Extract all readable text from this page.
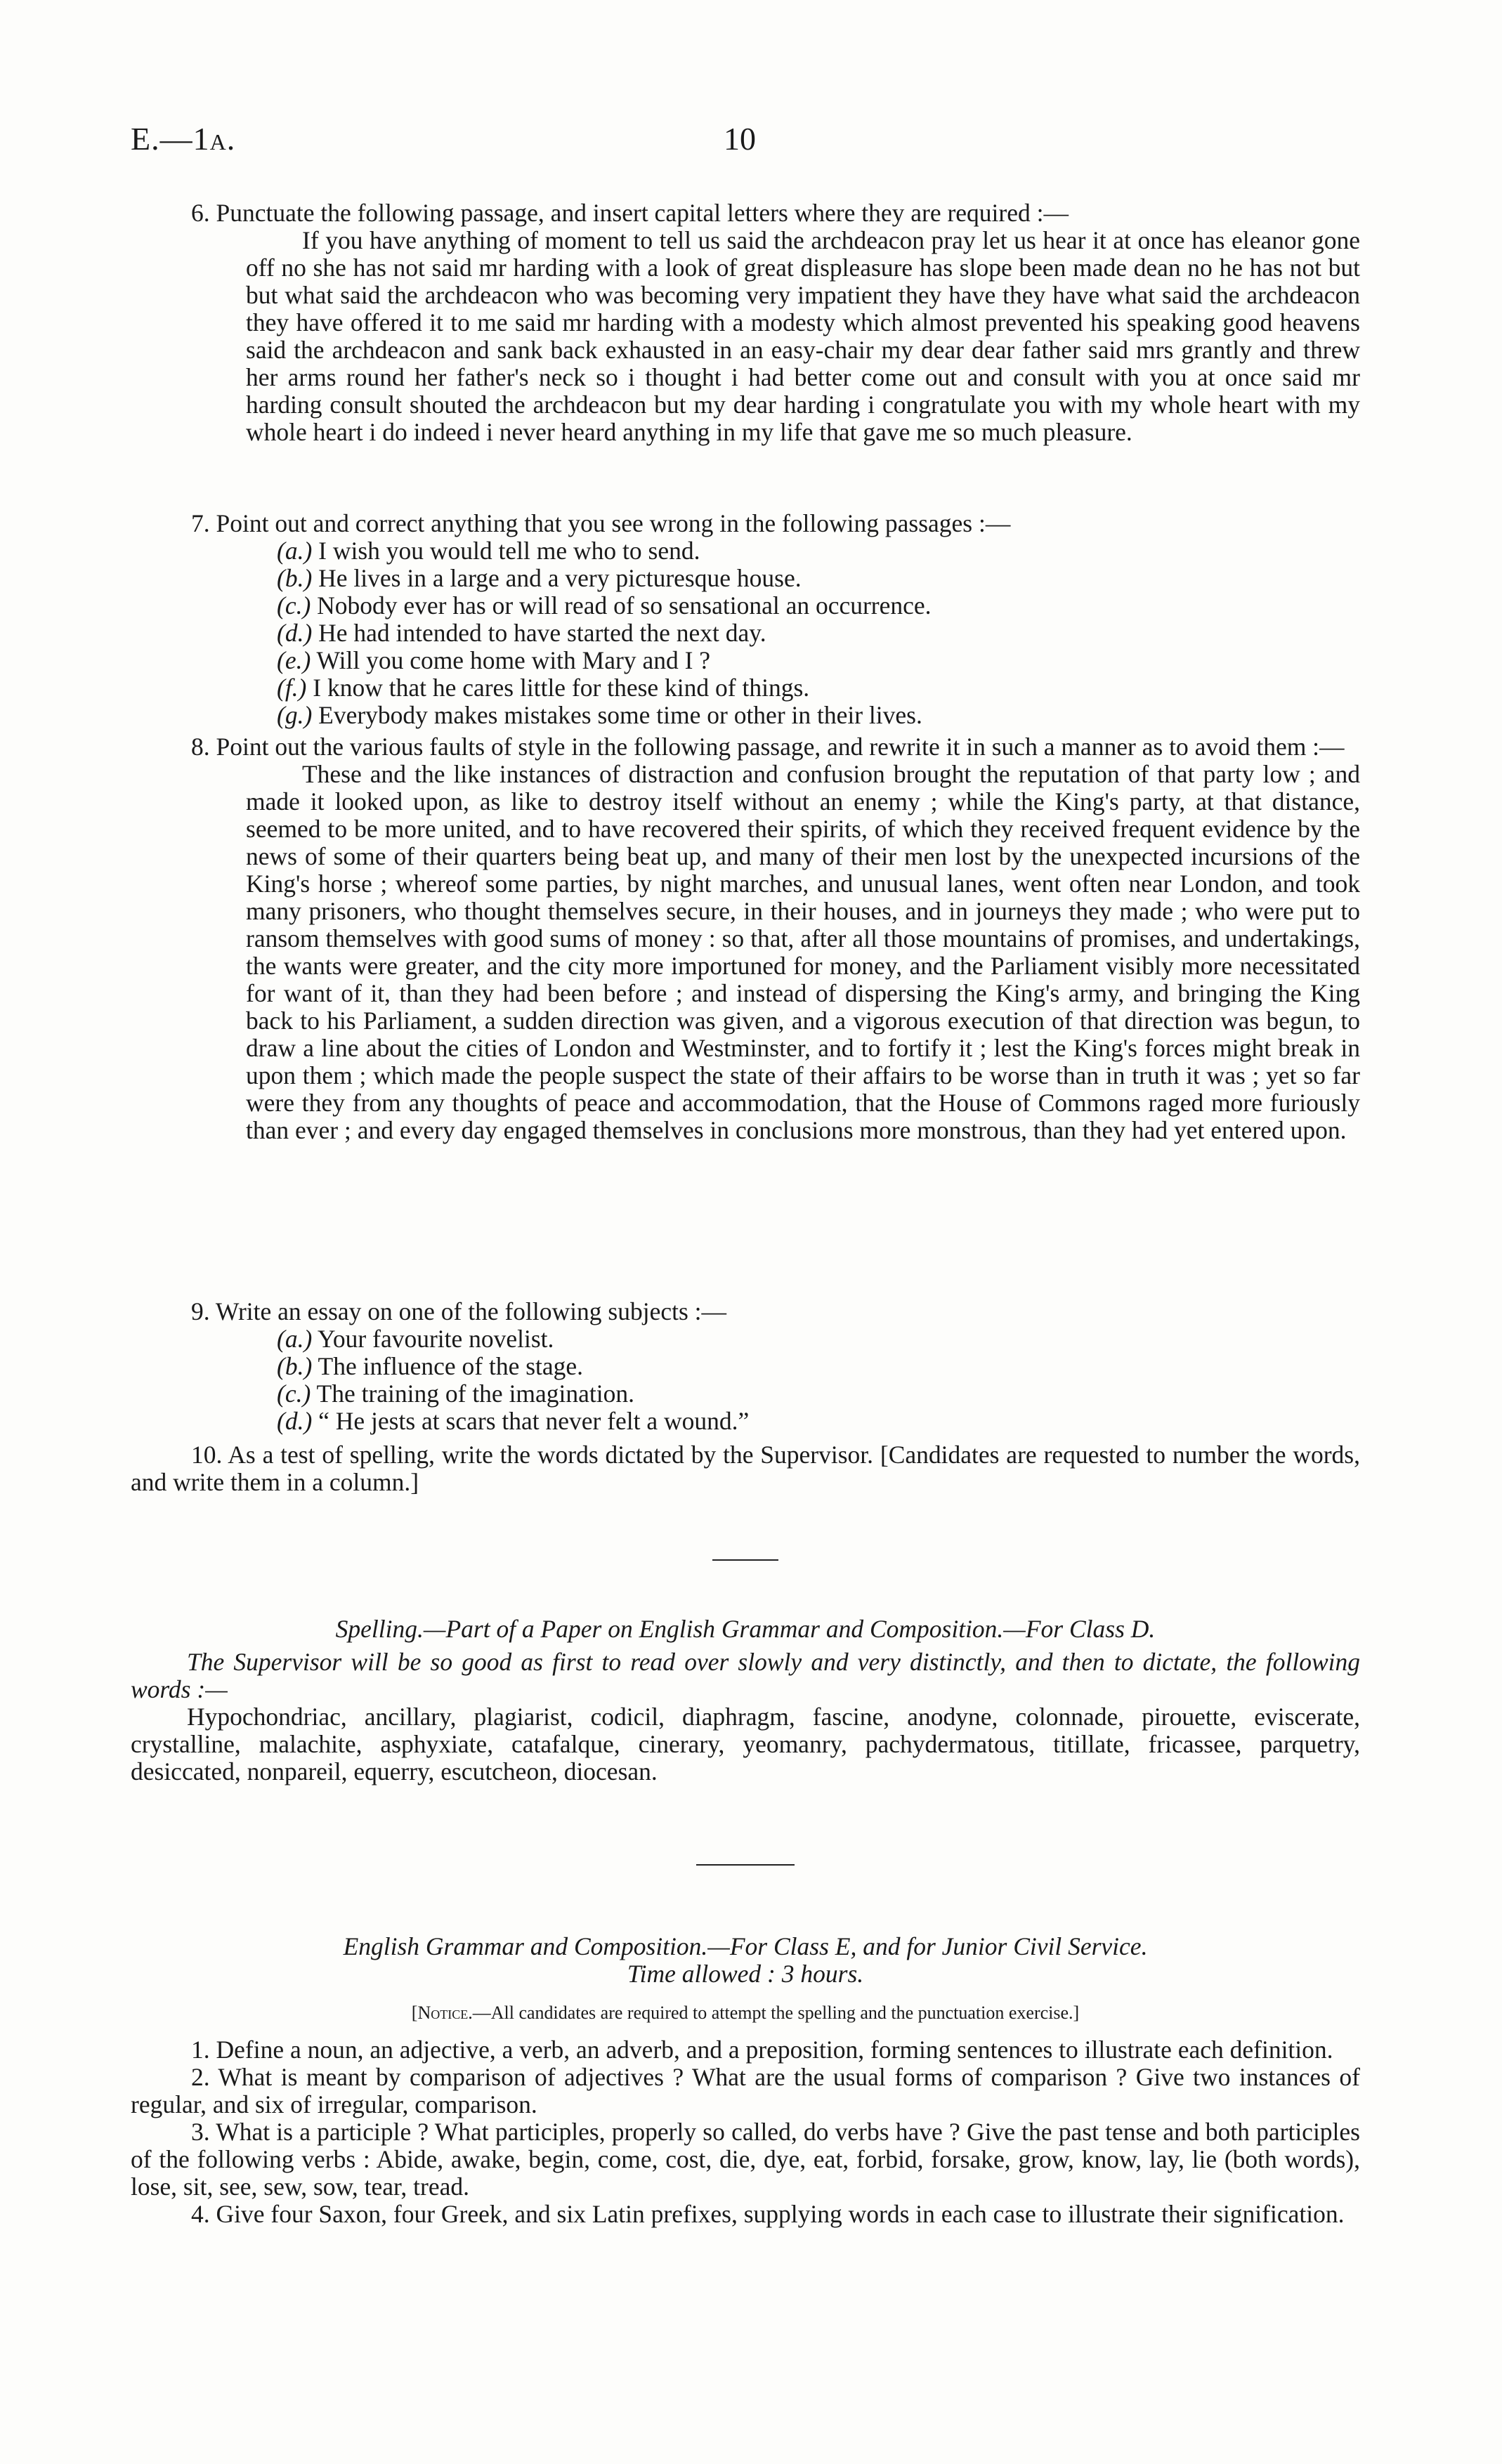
E.—1a.	10

6. Punctuate the following passage, and insert capital letters where they are required :—

If you have anything of moment to tell us said the archdeacon pray let us hear it at once has eleanor gone off no she has not said mr harding with a look of great displeasure has slope been made dean no he has not but but what said the archdeacon who was becoming very impatient they have they have what said the archdeacon they have offered it to me said mr harding with a modesty which almost prevented his speaking good heavens said the archdeacon and sank back exhausted in an easy-chair my dear dear father said mrs grantly and threw her arms round her father's neck so i thought i had better come out and consult with you at once said mr harding consult shouted the archdeacon but my dear harding i congratulate you with my whole heart with my whole heart i do indeed i never heard anything in my life that gave me so much pleasure.

7. Point out and correct anything that you see wrong in the following passages :—

(a.) I wish you would tell me who to send.

(b.) He lives in a large and a very picturesque house.

(c.) Nobody ever has or will read of so sensational an occurrence.

(d.) He had intended to have started the next day.

(e.) Will you come home with Mary and I ?

(f.) I know that he cares little for these kind of things.

(g.) Everybody makes mistakes some time or other in their lives.

8. Point out the various faults of style in the following passage, and rewrite it in such a manner as to avoid them :—

These and the like instances of distraction and confusion brought the reputation of that party low ; and made it looked upon, as like to destroy itself without an enemy ; while the King's party, at that distance, seemed to be more united, and to have recovered their spirits, of which they received frequent evidence by the news of some of their quarters being beat up, and many of their men lost by the unexpected incursions of the King's horse ; whereof some parties, by night marches, and unusual lanes, went often near London, and took many prisoners, who thought themselves secure, in their houses, and in journeys they made ; who were put to ransom themselves with good sums of money : so that, after all those mountains of promises, and undertakings, the wants were greater, and the city more importuned for money, and the Parliament visibly more necessitated for want of it, than they had been before ; and instead of dispersing the King's army, and bringing the King back to his Parliament, a sudden direction was given, and a vigorous execution of that direction was begun, to draw a line about the cities of London and Westminster, and to fortify it ; lest the King's forces might break in upon them ; which made the people suspect the state of their affairs to be worse than in truth it was ; yet so far were they from any thoughts of peace and accommodation, that the House of Commons raged more furiously than ever ; and every day engaged themselves in conclusions more monstrous, than they had yet entered upon.

9. Write an essay on one of the following subjects :—

(a.) Your favourite novelist.

(b.) The influence of the stage.

(c.) The training of the imagination.

(d.) “ He jests at scars that never felt a wound.”

10. As a test of spelling, write the words dictated by the Supervisor. [Candidates are requested to number the words, and write them in a column.]

Spelling.—Part of a Paper on English Grammar and Composition.—For Class D.

The Supervisor will be so good as first to read over slowly and very distinctly, and then to dictate, the following words :—

Hypochondriac, ancillary, plagiarist, codicil, diaphragm, fascine, anodyne, colonnade, pirouette, eviscerate, crystalline, malachite, asphyxiate, catafalque, cinerary, yeomanry, pachydermatous, titillate, fricassee, parquetry, desiccated, nonpareil, equerry, escutcheon, diocesan.

English Grammar and Composition.—For Class E, and for Junior Civil Service.

Time allowed : 3 hours.

[Notice.—All candidates are required to attempt the spelling and the punctuation exercise.]

1. Define a noun, an adjective, a verb, an adverb, and a preposition, forming sentences to illustrate each definition.

2. What is meant by comparison of adjectives ? What are the usual forms of comparison ? Give two instances of regular, and six of irregular, comparison.

3. What is a participle ? What participles, properly so called, do verbs have ? Give the past tense and both participles of the following verbs : Abide, awake, begin, come, cost, die, dye, eat, forbid, forsake, grow, know, lay, lie (both words), lose, sit, see, sew, sow, tear, tread.

4. Give four Saxon, four Greek, and six Latin prefixes, supplying words in each case to illustrate their signification.
